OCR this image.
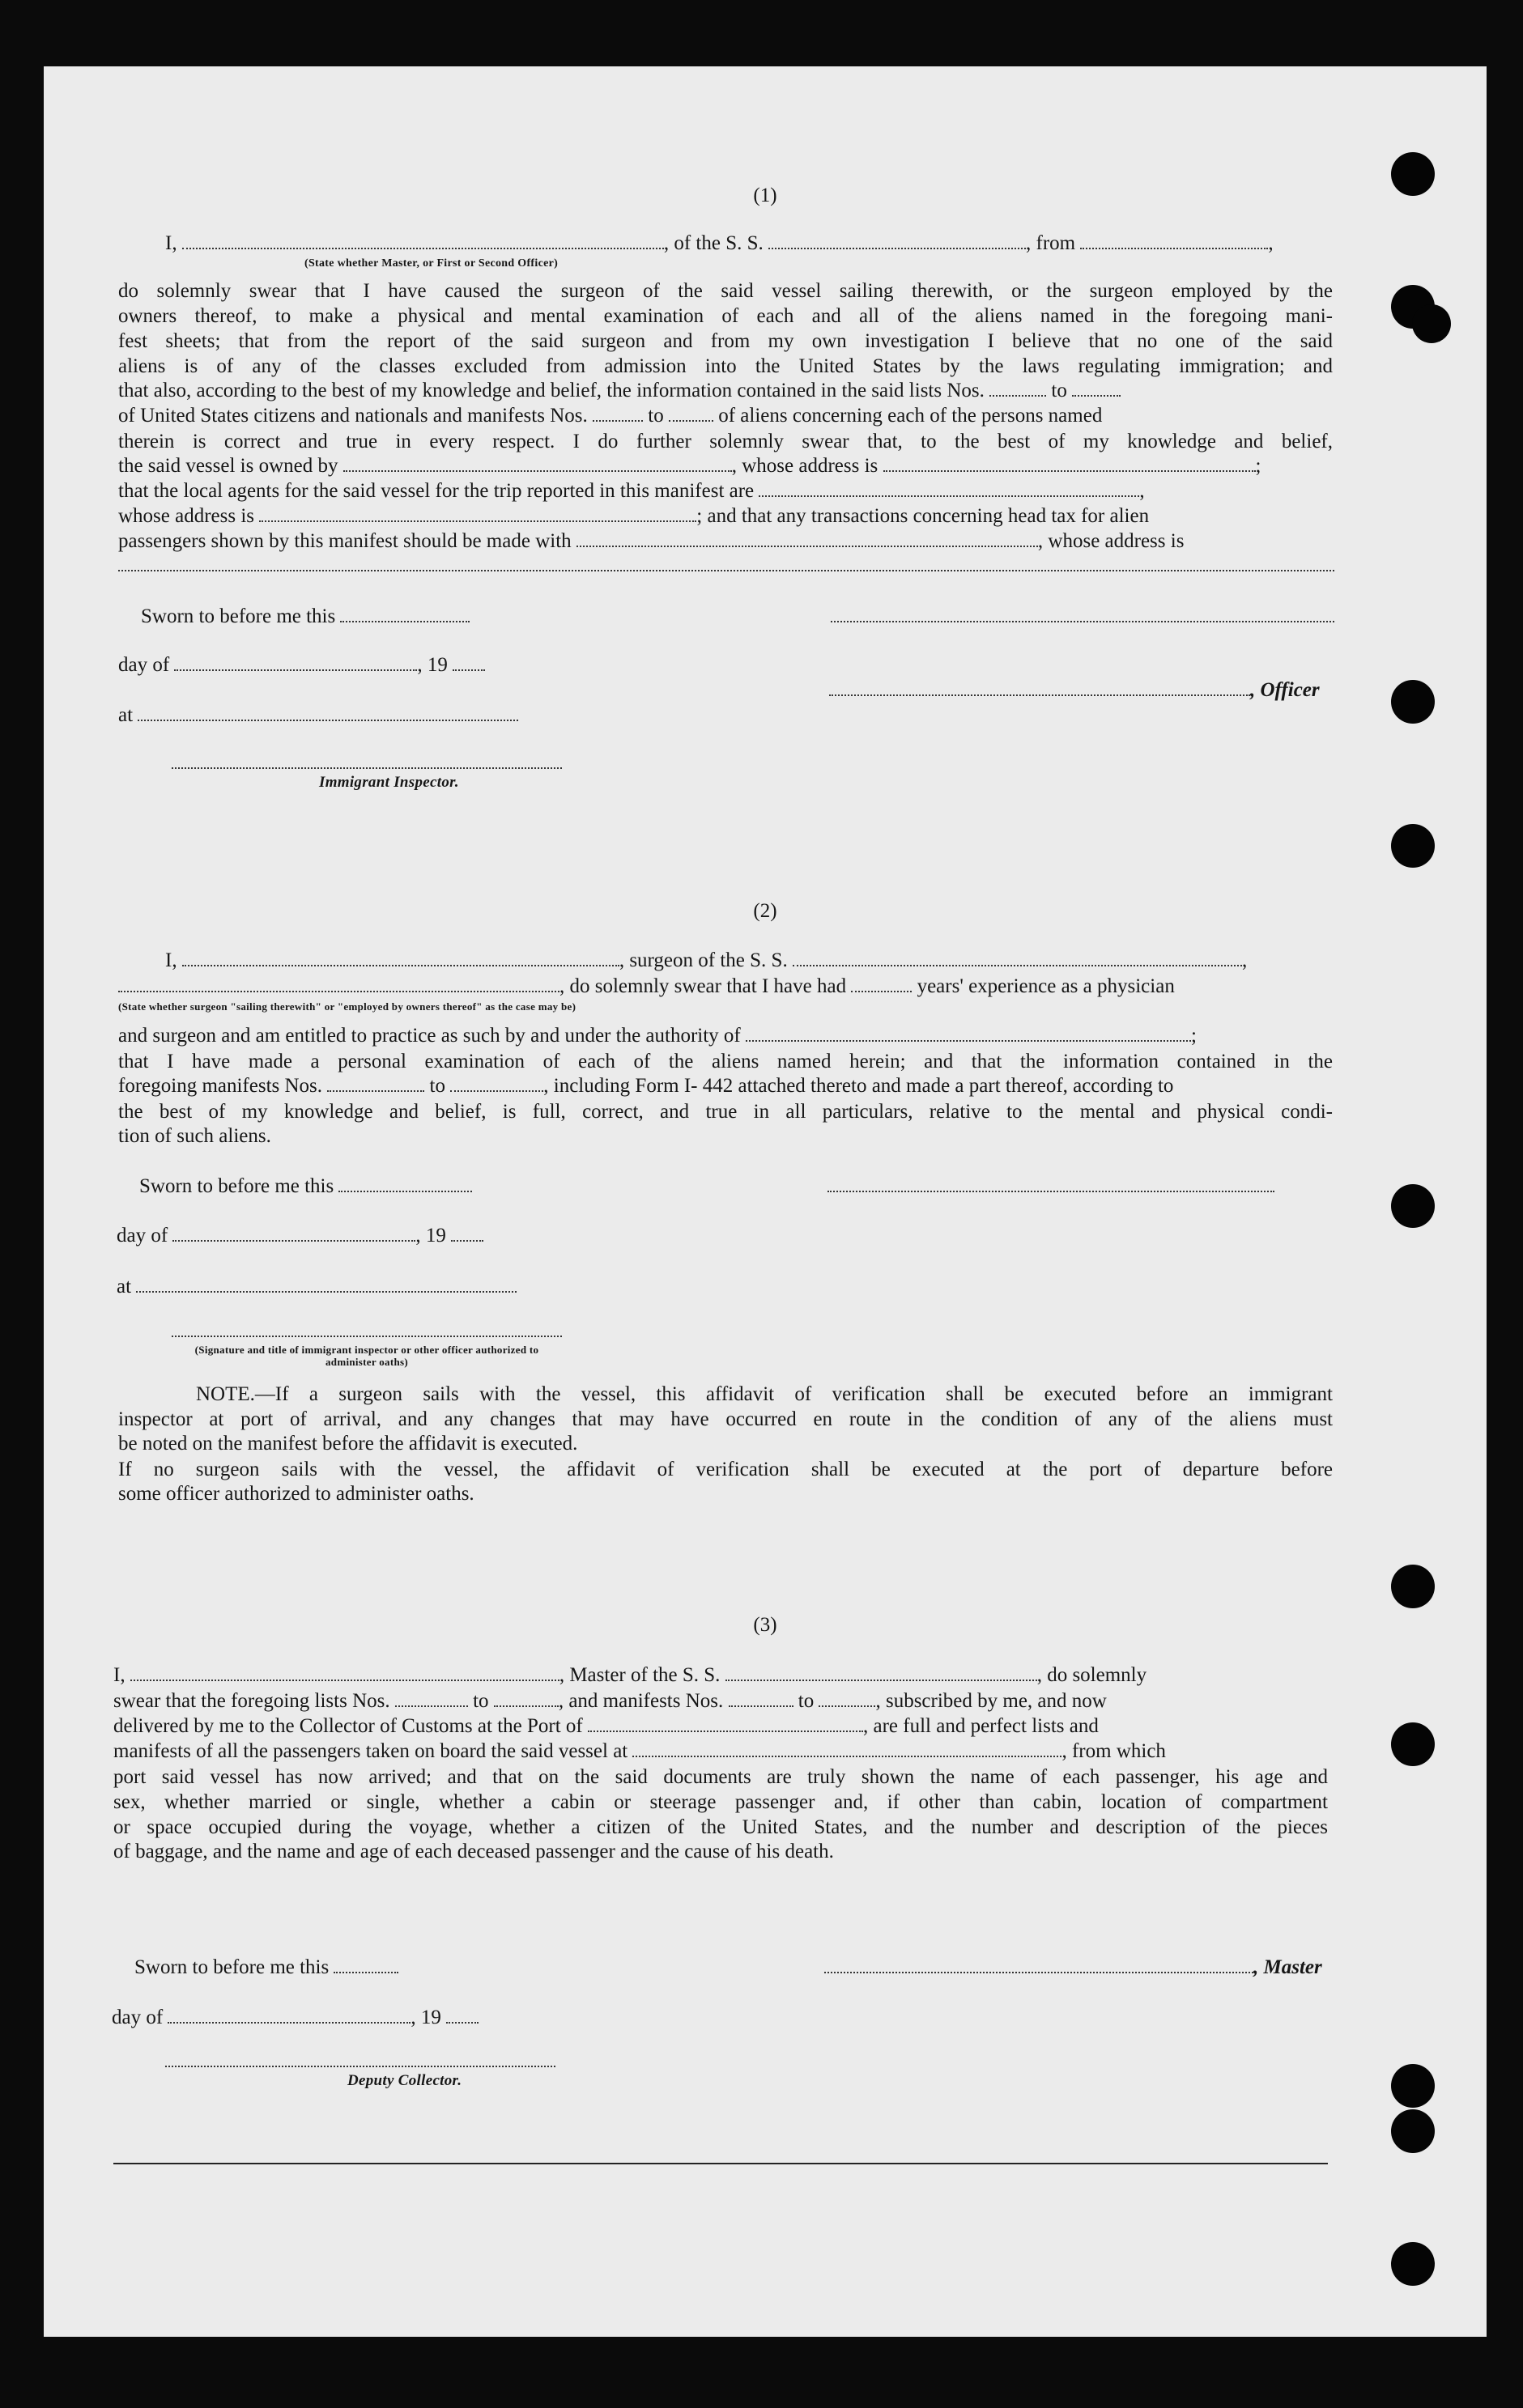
(1)
I,	, of the S. S.	, from	,
(State whether Master, or First or Second Officer)
do solemnly swear that I have caused the surgeon of the said vessel sailing therewith, or the surgeon employed by the
owners thereof, to make a physical and mental examination of each and all of the aliens named in the foregoing mani-
fest sheets; that from the report of the said surgeon and from my own investigation I believe that no one of the said
aliens is of any of the classes excluded from admission into the United States by the laws regulating immigration; and
that also, according to the best of my knowledge and belief, the information contained in the said lists Nos.	to
of United States citizens and nationals and manifests Nos.	to	of aliens concerning each of the persons named
therein is correct and true in every respect. I do further solemnly swear that, to the best of my knowledge and belief,
the said vessel is owned by	, whose address is	;
that the local agents for the said vessel for the trip reported in this manifest are	,
whose address is	; and that any transactions concerning head tax for alien
passengers shown by this manifest should be made with	, whose address is
Sworn to before me this
day of	, 19
, Officer
at
Immigrant Inspector.
(2)
I,	, surgeon of the S. S.	,
, do solemnly swear that I have had	years' experience as a physician
(State whether surgeon "sailing therewith" or "employed by owners thereof" as the case may be)
and surgeon and am entitled to practice as such by and under the authority of	;
that I have made a personal examination of each of the aliens named herein; and that the information contained in the
foregoing manifests Nos.	to	, including Form I- 442 attached thereto and made a part thereof, according to
the best of my knowledge and belief, is full, correct, and true in all particulars, relative to the mental and physical condi-
tion of such aliens.
Sworn to before me this
day of	, 19
at
(Signature and title of immigrant inspector or other officer authorized to administer oaths)
NOTE.—If a surgeon sails with the vessel, this affidavit of verification shall be executed before an immigrant
inspector at port of arrival, and any changes that may have occurred en route in the condition of any of the aliens must
be noted on the manifest before the affidavit is executed.
If no surgeon sails with the vessel, the affidavit of verification shall be executed at the port of departure before
some officer authorized to administer oaths.
(3)
I,	, Master of the S. S.	, do solemnly
swear that the foregoing lists Nos.	to	, and manifests Nos.	to	, subscribed by me, and now
delivered by me to the Collector of Customs at the Port of	, are full and perfect lists and
manifests of all the passengers taken on board the said vessel at	, from which
port said vessel has now arrived; and that on the said documents are truly shown the name of each passenger, his age and
sex, whether married or single, whether a cabin or steerage passenger and, if other than cabin, location of compartment
or space occupied during the voyage, whether a citizen of the United States, and the number and description of the pieces
of baggage, and the name and age of each deceased passenger and the cause of his death.
Sworn to before me this	, Master
day of	, 19
Deputy Collector.
